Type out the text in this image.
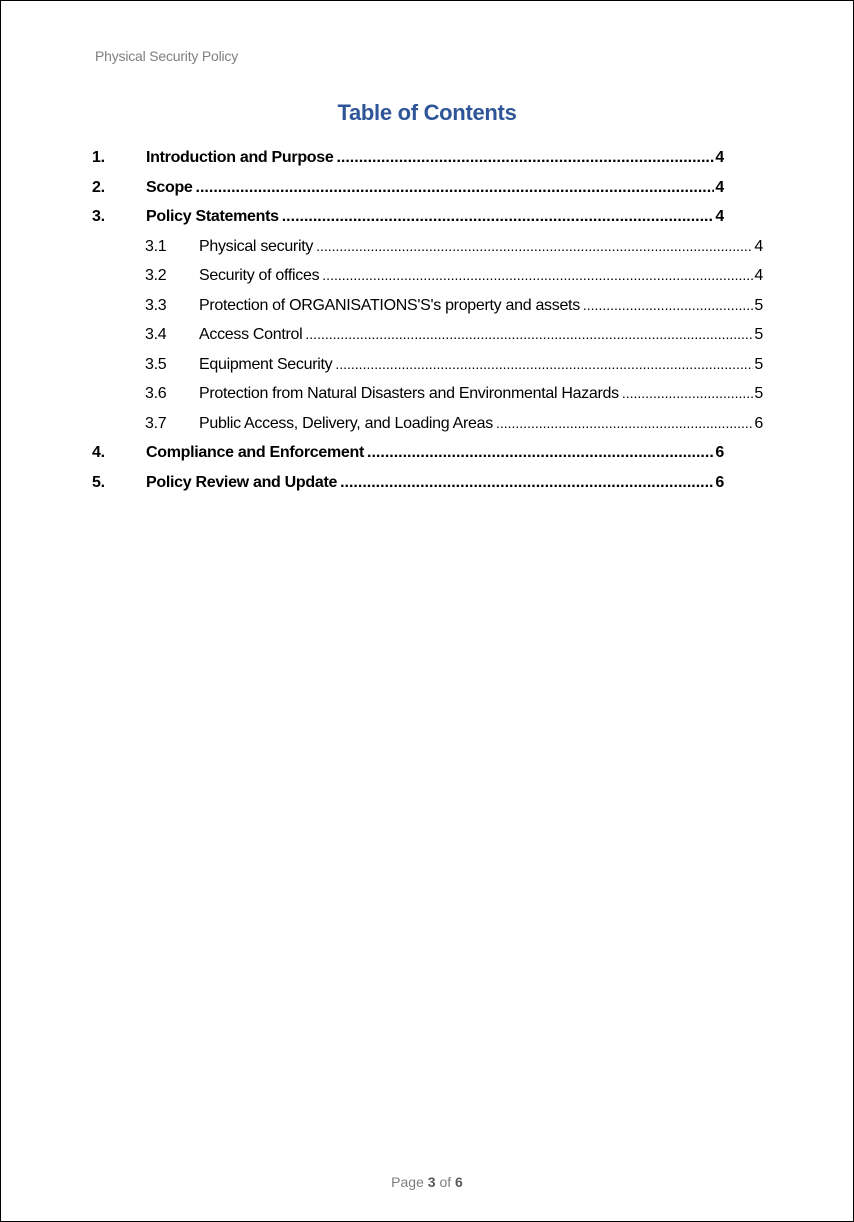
Physical Security Policy
Table of Contents
1.	Introduction and Purpose .....	4
2.	Scope .....	4
3.	Policy Statements .....	4
3.1	Physical security .....	4
3.2	Security of offices .....	4
3.3	Protection of ORGANISATIONS'S's property and assets .....	5
3.4	Access Control .....	5
3.5	Equipment Security .....	5
3.6	Protection from Natural Disasters and Environmental Hazards .....	5
3.7	Public Access, Delivery, and Loading Areas .....	6
4.	Compliance and Enforcement .....	6
5.	Policy Review and Update .....	6
Page 3 of 6
